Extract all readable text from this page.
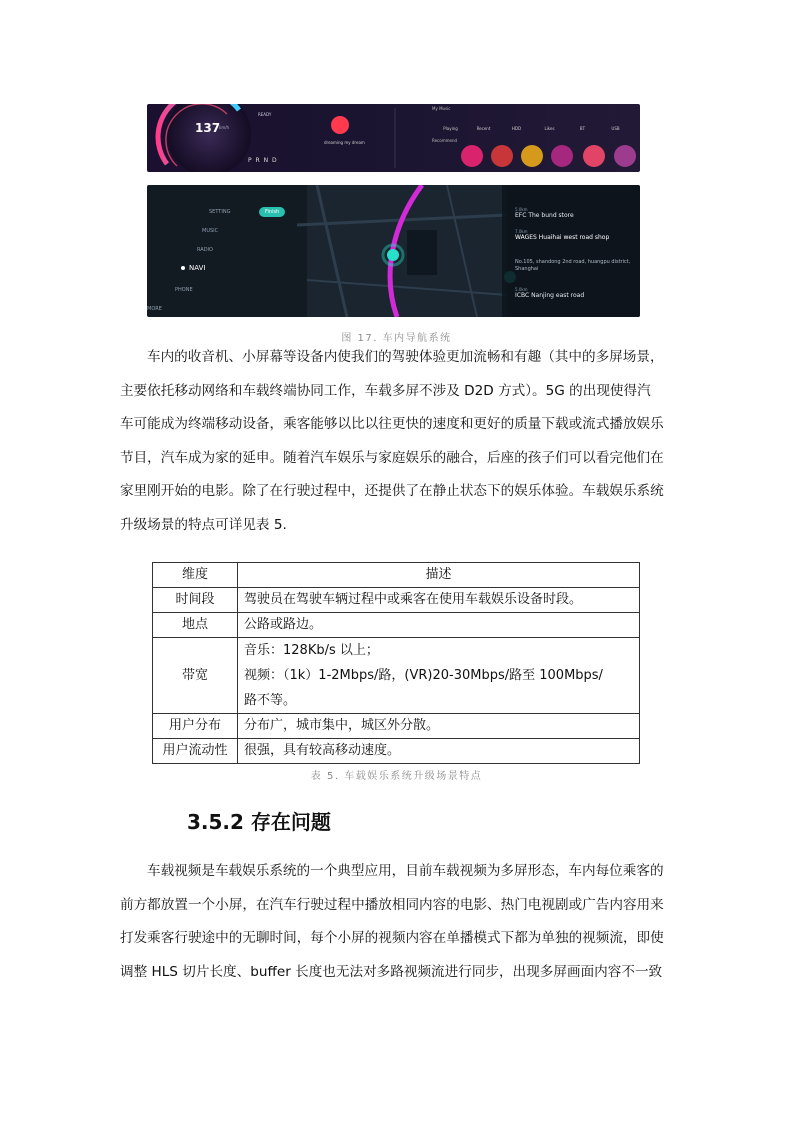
137
km/h
READY
P R N D
dreaming my dream
My Music
Playing	Recent	HDD	Likes	BT	USB
Recommend
Finish
SETTING
MUSIC
RADIO
NAVI
PHONE
MORE
5.0km
EFC The bund store
7.0km
WAGES Huaihai west road shop
No.105, shandong 2nd road, huangpu district, Shanghai
5.0km
ICBC Nanjing east road
图 17. 车内导航系统
车内的收音机、小屏幕等设备内使我们的驾驶体验更加流畅和有趣（其中的多屏场景，
主要依托移动网络和车载终端协同工作，车载多屏不涉及 D2D 方式）。5G 的出现使得汽
车可能成为终端移动设备，乘客能够以比以往更快的速度和更好的质量下载或流式播放娱乐
节目，汽车成为家的延申。随着汽车娱乐与家庭娱乐的融合，后座的孩子们可以看完他们在
家里刚开始的电影。除了在行驶过程中，还提供了在静止状态下的娱乐体验。车载娱乐系统
升级场景的特点可详见表 5.
维度	描述
时间段	驾驶员在驾驶车辆过程中或乘客在使用车载娱乐设备时段。
地点	公路或路边。
带宽	音乐：128Kb/s 以上；
视频：（1k）1-2Mbps/路，(VR)20-30Mbps/路至 100Mbps/
路不等。

用户分布	分布广，城市集中，城区外分散。
用户流动性	很强，具有较高移动速度。
表 5. 车载娱乐系统升级场景特点
3.5.2 存在问题
车载视频是车载娱乐系统的一个典型应用，目前车载视频为多屏形态，车内每位乘客的
前方都放置一个小屏，在汽车行驶过程中播放相同内容的电影、热门电视剧或广告内容用来
打发乘客行驶途中的无聊时间，每个小屏的视频内容在单播模式下都为单独的视频流，即使
调整 HLS 切片长度、buffer 长度也无法对多路视频流进行同步，出现多屏画面内容不一致
